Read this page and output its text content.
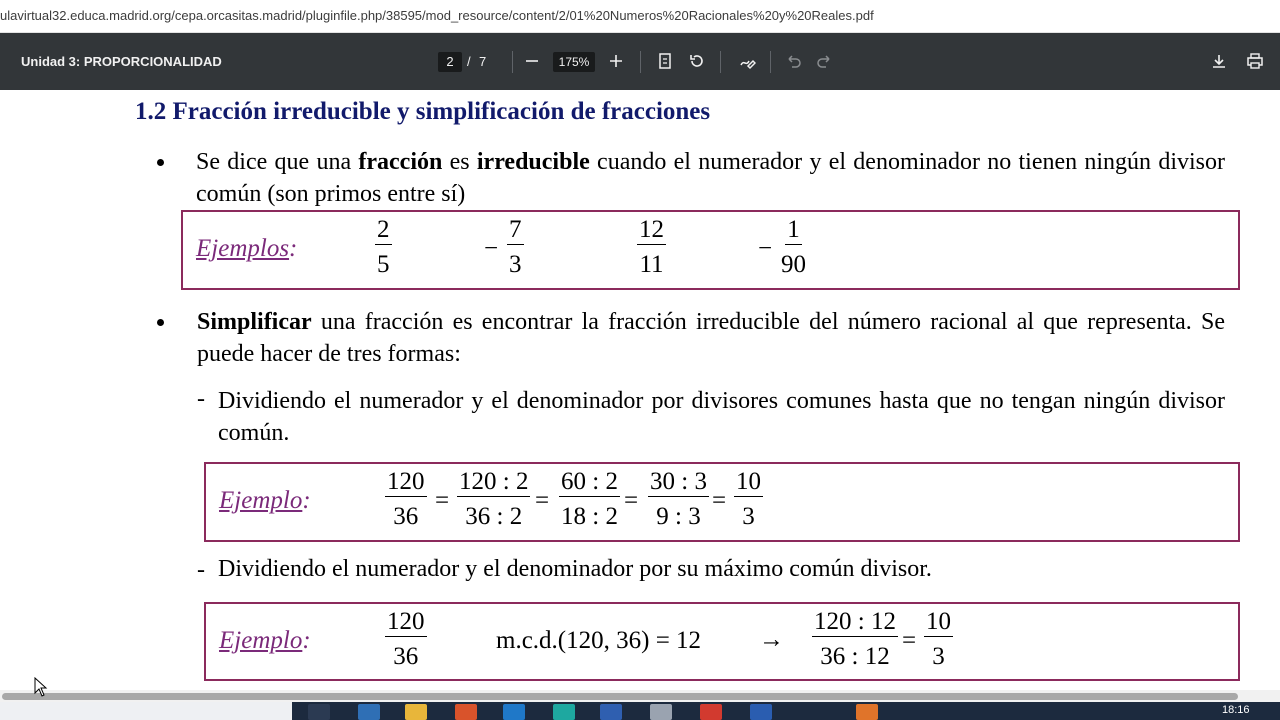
ulavirtual32.educa.madrid.org/cepa.orcasitas.madrid/pluginfile.php/38595/mod_resource/content/2/01%20Numeros%20Racionales%20y%20Reales.pdf
Unidad 3: PROPORCIONALIDAD	2	/ 7	175%
1.2 Fracción irreducible y simplificación de fracciones
Se dice que una fracción es irreducible cuando el numerador y el denominador no tienen ningún divisor común (son primos entre sí)
Ejemplos:	−	−
$\frac{2}{5}$	$\frac{7}{3}$	$\frac{12}{11}$	$\frac{1}{90}$
Simplificar una fracción es encontrar la fracción irreducible del número racional al que representa. Se puede hacer de tres formas:
- Dividiendo el numerador y el denominador por divisores comunes hasta que no tengan ningún divisor común.
Ejemplo:	$\frac{120}{36} = \frac{120 : 2}{36 : 2} = \frac{60 : 2}{18 : 2} = \frac{30 : 3}{9 : 3} = \frac{10}{3}$
- Dividiendo el numerador y el denominador por su máximo común divisor.
Ejemplo:	$\frac{120}{36}$	m.c.d.(120, $36) = 12 \to \frac{120 : 12}{36 : 12} = \frac{10}{3}$
18:16
